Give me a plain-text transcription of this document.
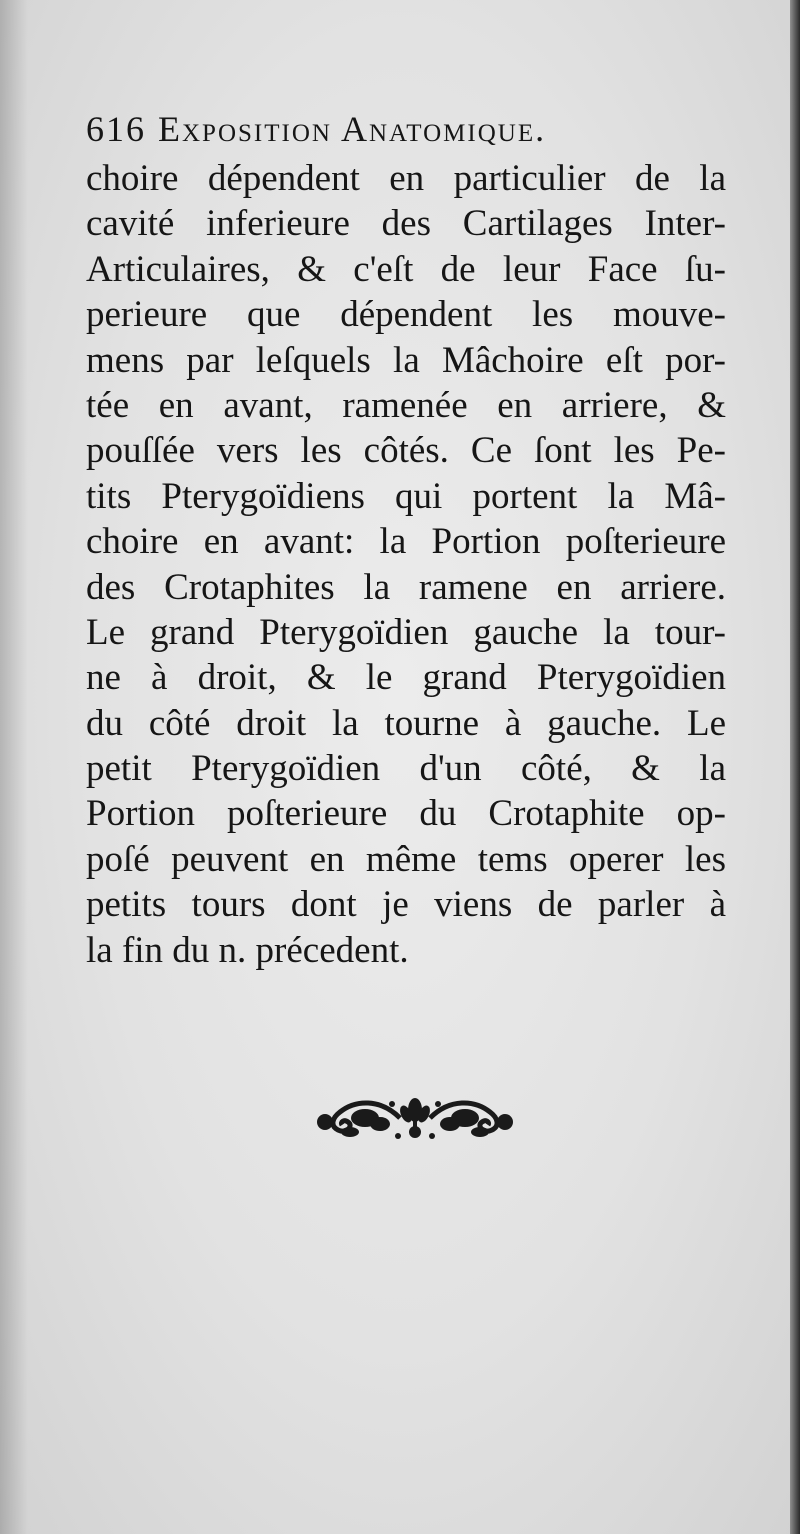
616 Exposition Anatomique.
choire dépendent en particulier de la
cavité inferieure des Cartilages Inter-
Articulaires, & c'eſt de leur Face ſu-
perieure que dépendent les mouve-
mens par leſquels la Mâchoire eſt por-
tée en avant, ramenée en arriere, &
pouſſée vers les côtés. Ce ſont les Pe-
tits Pterygoïdiens qui portent la Mâ-
choire en avant: la Portion poſterieure
des Crotaphites la ramene en arriere.
Le grand Pterygoïdien gauche la tour-
ne à droit, & le grand Pterygoïdien
du côté droit la tourne à gauche. Le
petit Pterygoïdien d'un côté, & la
Portion poſterieure du Crotaphite op-
poſé peuvent en même tems operer les
petits tours dont je viens de parler à
la fin du n. précedent.
